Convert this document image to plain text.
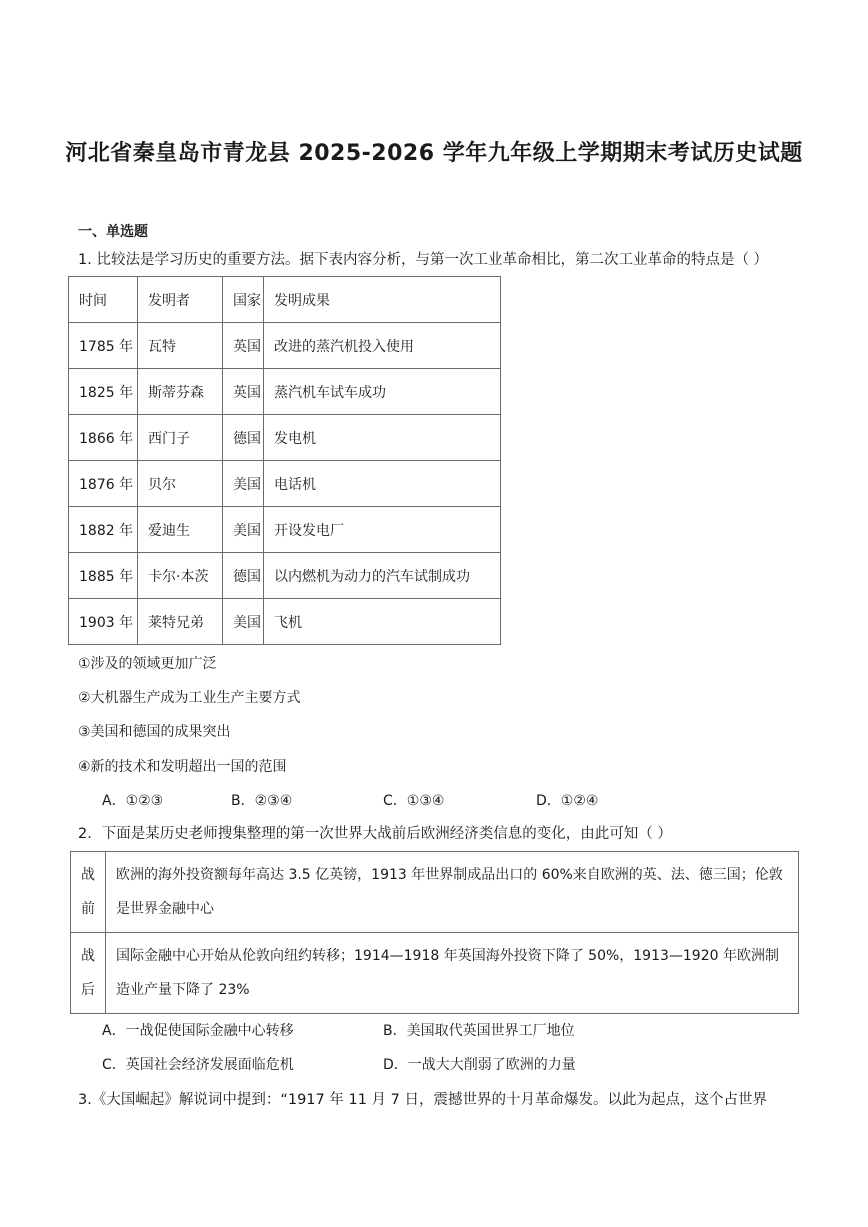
河北省秦皇岛市青龙县 2025-2026 学年九年级上学期期末考试历史试题
一、单选题
1. 比较法是学习历史的重要方法。据下表内容分析，与第一次工业革命相比，第二次工业革命的特点是（ ）
时间	发明者	国家	发明成果
1785 年	瓦特	英国	改进的蒸汽机投入使用
1825 年	斯蒂芬森	英国	蒸汽机车试车成功
1866 年	西门子	德国	发电机
1876 年	贝尔	美国	电话机
1882 年	爱迪生	美国	开设发电厂
1885 年	卡尔·本茨	德国	以内燃机为动力的汽车试制成功
1903 年	莱特兄弟	美国	飞机
①涉及的领域更加广泛
②大机器生产成为工业生产主要方式
③美国和德国的成果突出
④新的技术和发明超出一国的范围
A．①②③	B．②③④	C．①③④	D．①②④
2．下面是某历史老师搜集整理的第一次世界大战前后欧洲经济类信息的变化，由此可知（ ）
战
前	欧洲的海外投资额每年高达 3.5 亿英镑，1913 年世界制成品出口的 60%来自欧洲的英、法、德三国；伦敦是世界金融中心
战
后	国际金融中心开始从伦敦向纽约转移；1914—1918 年英国海外投资下降了 50%，1913—1920 年欧洲制造业产量下降了 23%
A．一战促使国际金融中心转移	B．美国取代英国世界工厂地位
C．英国社会经济发展面临危机	D．一战大大削弱了欧洲的力量
3.《大国崛起》解说词中提到：“1917 年 11 月 7 日，震撼世界的十月革命爆发。以此为起点，这个占世界
